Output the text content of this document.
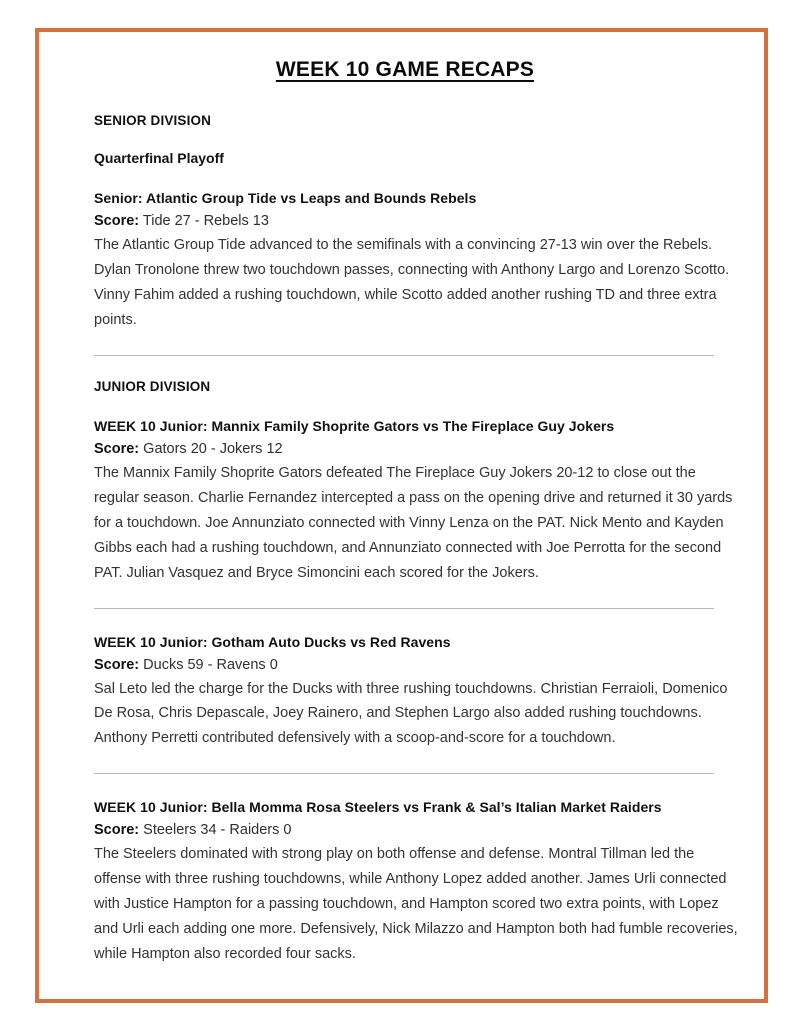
WEEK 10 GAME RECAPS
SENIOR DIVISION
Quarterfinal Playoff
Senior: Atlantic Group Tide vs Leaps and Bounds Rebels
Score: Tide 27 - Rebels 13
The Atlantic Group Tide advanced to the semifinals with a convincing 27-13 win over the Rebels. Dylan Tronolone threw two touchdown passes, connecting with Anthony Largo and Lorenzo Scotto. Vinny Fahim added a rushing touchdown, while Scotto added another rushing TD and three extra points.
JUNIOR DIVISION
WEEK 10 Junior: Mannix Family Shoprite Gators vs The Fireplace Guy Jokers
Score: Gators 20 - Jokers 12
The Mannix Family Shoprite Gators defeated The Fireplace Guy Jokers 20-12 to close out the regular season. Charlie Fernandez intercepted a pass on the opening drive and returned it 30 yards for a touchdown. Joe Annunziato connected with Vinny Lenza on the PAT. Nick Mento and Kayden Gibbs each had a rushing touchdown, and Annunziato connected with Joe Perrotta for the second PAT. Julian Vasquez and Bryce Simoncini each scored for the Jokers.
WEEK 10 Junior: Gotham Auto Ducks vs Red Ravens
Score: Ducks 59 - Ravens 0
Sal Leto led the charge for the Ducks with three rushing touchdowns. Christian Ferraioli, Domenico De Rosa, Chris Depascale, Joey Rainero, and Stephen Largo also added rushing touchdowns. Anthony Perretti contributed defensively with a scoop-and-score for a touchdown.
WEEK 10 Junior: Bella Momma Rosa Steelers vs Frank & Sal’s Italian Market Raiders
Score: Steelers 34 - Raiders 0
The Steelers dominated with strong play on both offense and defense. Montral Tillman led the offense with three rushing touchdowns, while Anthony Lopez added another. James Urli connected with Justice Hampton for a passing touchdown, and Hampton scored two extra points, with Lopez and Urli each adding one more. Defensively, Nick Milazzo and Hampton both had fumble recoveries, while Hampton also recorded four sacks.
